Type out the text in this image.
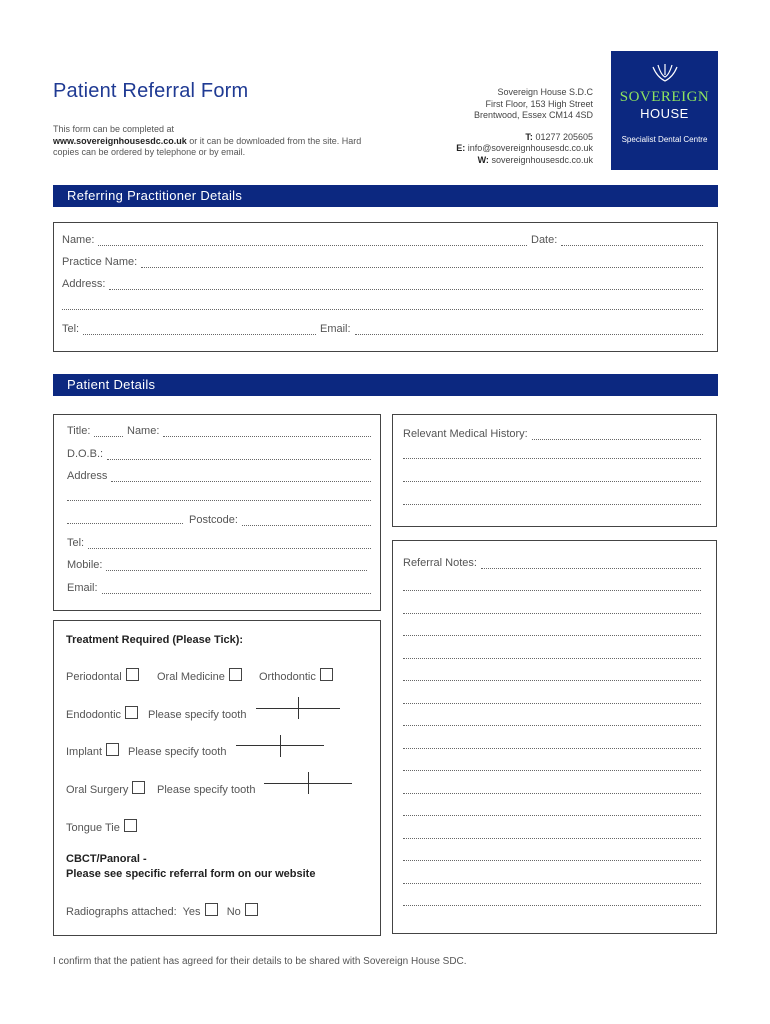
Patient Referral Form
This form can be completed at
www.sovereignhousesdc.co.uk or it can be downloaded from the site. Hard copies can be ordered by telephone or by email.
Sovereign House S.D.C
First Floor, 153 High Street
Brentwood, Essex CM14 4SD
T: 01277 205605
E: info@sovereignhousesdc.co.uk
W: sovereignhousesdc.co.uk
SOVEREIGN
HOUSE
Specialist Dental Centre
Referring Practitioner Details
Name:	Date:
Practice Name:
Address:
Tel:	Email:
Patient Details
Title:	Name:
D.O.B.:
Address
Postcode:
Tel:
Mobile:
Email:
Relevant Medical History:
Referral Notes:
Treatment Required (Please Tick):
Periodontal	Oral Medicine	Orthodontic
Endodontic	Please specify tooth
Implant	Please specify tooth
Oral Surgery	Please specify tooth
Tongue Tie
CBCT/Panoral -
Please see specific referral form on our website
Radiographs attached: Yes No
I confirm that the patient has agreed for their details to be shared with Sovereign House SDC.
